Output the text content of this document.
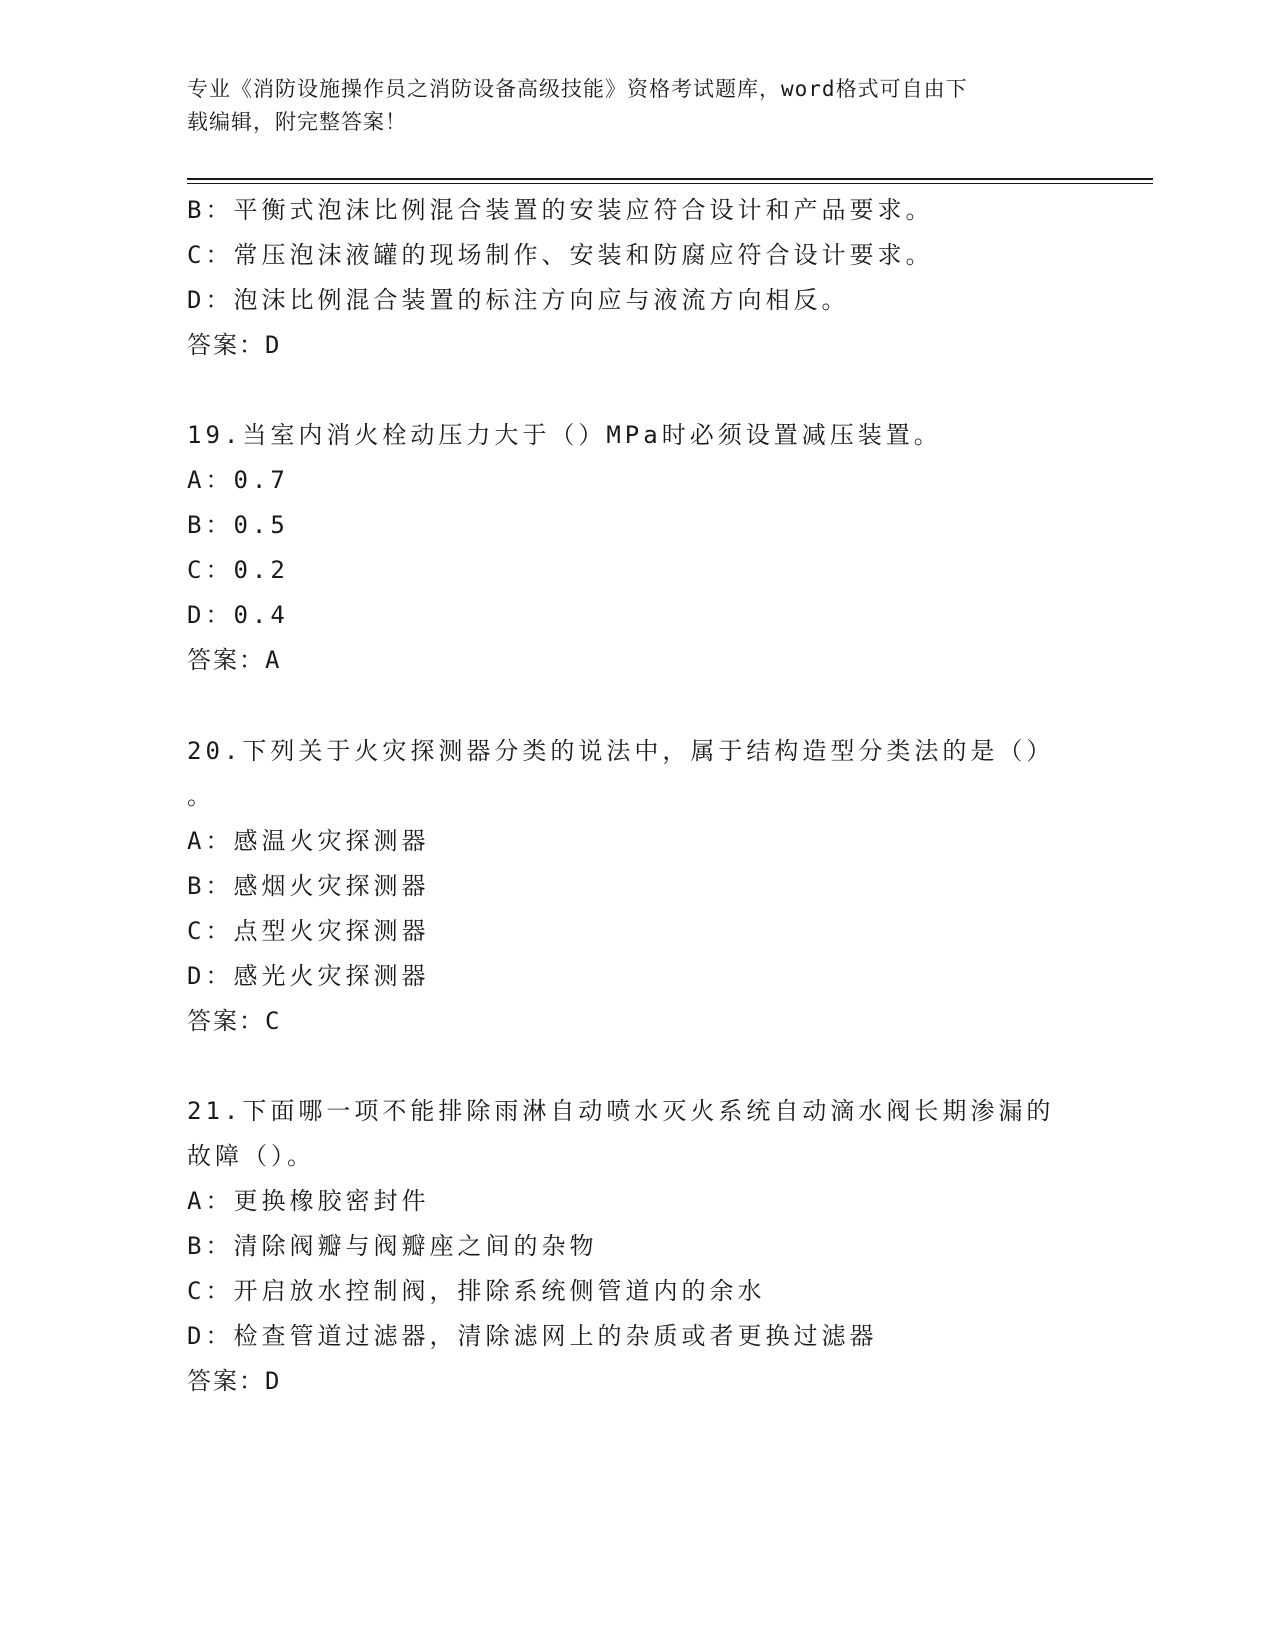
专业《消防设施操作员之消防设备高级技能》资格考试题库，word格式可自由下
载编辑，附完整答案！
B：平衡式泡沫比例混合装置的安装应符合设计和产品要求。
C：常压泡沫液罐的现场制作、安装和防腐应符合设计要求。
D：泡沫比例混合装置的标注方向应与液流方向相反。
答案：D
19.当室内消火栓动压力大于（）MPa时必须设置减压装置。
A：0.7
B：0.5
C：0.2
D：0.4
答案：A
20.下列关于火灾探测器分类的说法中，属于结构造型分类法的是（）
。
A：感温火灾探测器
B：感烟火灾探测器
C：点型火灾探测器
D：感光火灾探测器
答案：C
21.下面哪一项不能排除雨淋自动喷水灭火系统自动滴水阀长期渗漏的
故障（）。
A：更换橡胶密封件
B：清除阀瓣与阀瓣座之间的杂物
C：开启放水控制阀，排除系统侧管道内的余水
D：检查管道过滤器，清除滤网上的杂质或者更换过滤器
答案：D
